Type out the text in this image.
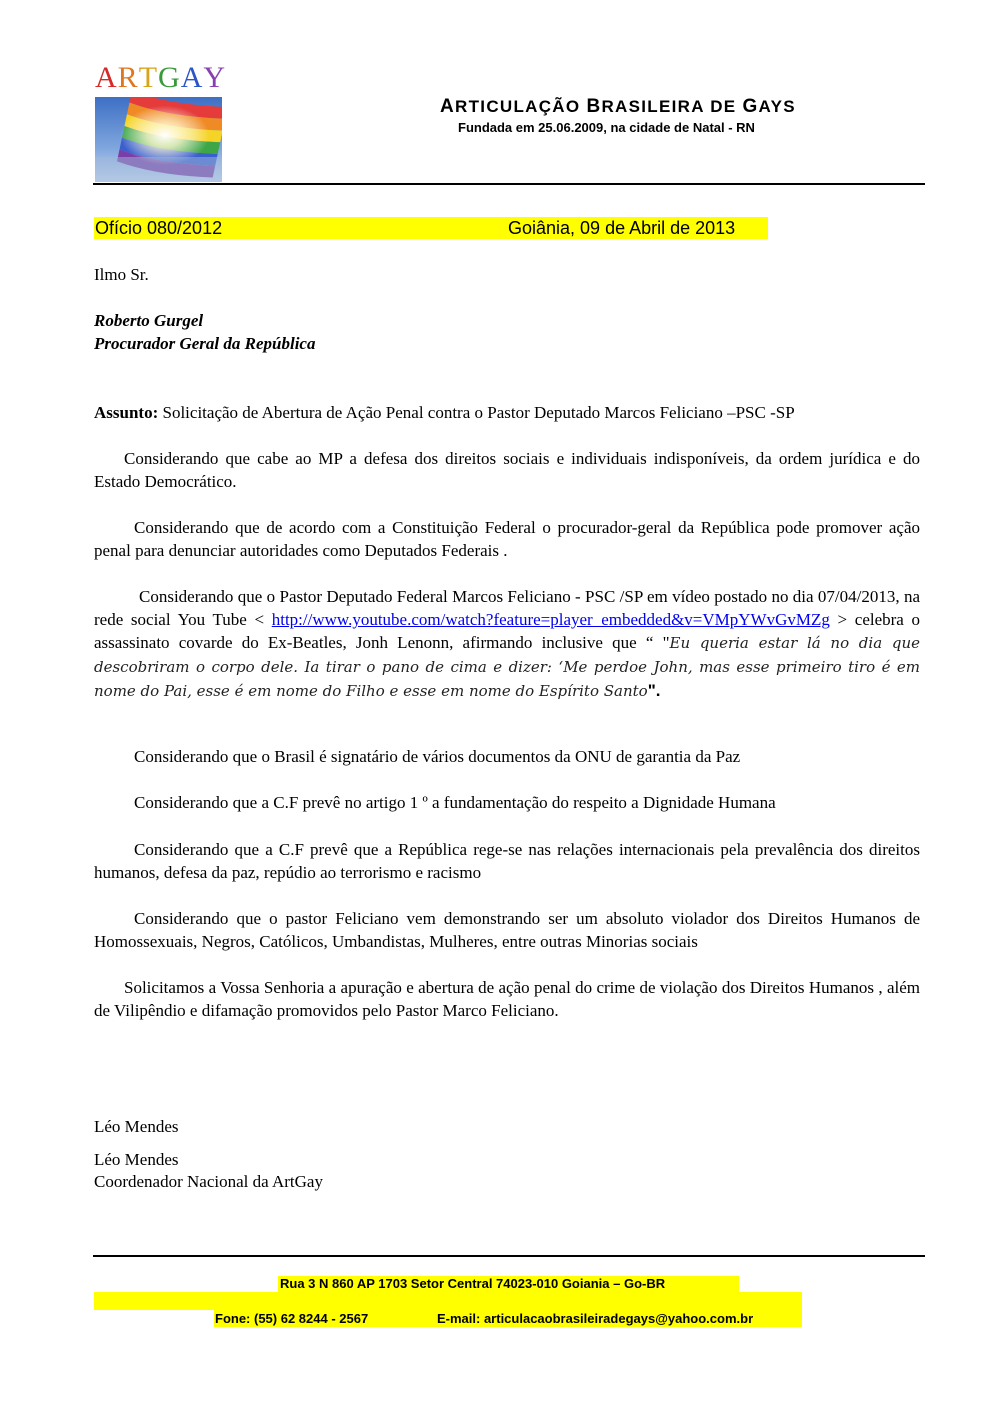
ARTGAY
ARTICULAÇÃO BRASILEIRA DE GAYS
Fundada em 25.06.2009, na cidade de Natal - RN
Ofício 080/2012	Goiânia, 09 de Abril de 2013
Ilmo Sr.
Roberto Gurgel
Procurador Geral da República
Assunto: Solicitação de Abertura de Ação Penal contra o Pastor Deputado Marcos Feliciano –PSC -SP
Considerando que cabe ao MP a defesa dos direitos sociais e individuais indisponíveis, da ordem jurídica e do Estado Democrático.
Considerando que de acordo com a Constituição Federal o procurador-geral da República pode promover ação penal para denunciar autoridades como Deputados Federais .
Considerando que o Pastor Deputado Federal Marcos Feliciano - PSC /SP em vídeo postado no dia 07/04/2013, na rede social You Tube < http://www.youtube.com/watch?feature=player_embedded&v=VMpYWvGvMZg > celebra o assassinato covarde do Ex-Beatles, Jonh Lenonn, afirmando inclusive que “ "Eu queria estar lá no dia que descobriram o corpo dele. Ia tirar o pano de cima e dizer: ‘Me perdoe John, mas esse primeiro tiro é em nome do Pai, esse é em nome do Filho e esse em nome do Espírito Santo".
Considerando que o Brasil é signatário de vários documentos da ONU de garantia da Paz
Considerando que a C.F prevê no artigo 1 º a fundamentação do respeito a Dignidade Humana
Considerando que a C.F prevê que a República rege-se nas relações internacionais pela prevalência dos direitos humanos, defesa da paz, repúdio ao terrorismo e racismo
Considerando que o pastor Feliciano vem demonstrando ser um absoluto violador dos Direitos Humanos de Homossexuais, Negros, Católicos, Umbandistas, Mulheres, entre outras Minorias sociais
Solicitamos a Vossa Senhoria a apuração e abertura de ação penal do crime de violação dos Direitos Humanos , além de Vilipêndio e difamação promovidos pelo Pastor Marco Feliciano.
Léo Mendes
Léo Mendes
Coordenador Nacional da ArtGay
Rua 3 N 860 AP 1703 Setor Central 74023-010 Goiania – Go-BR
Fone: (55) 62 8244 - 2567	E-mail: articulacaobrasileiradegays@yahoo.com.br
